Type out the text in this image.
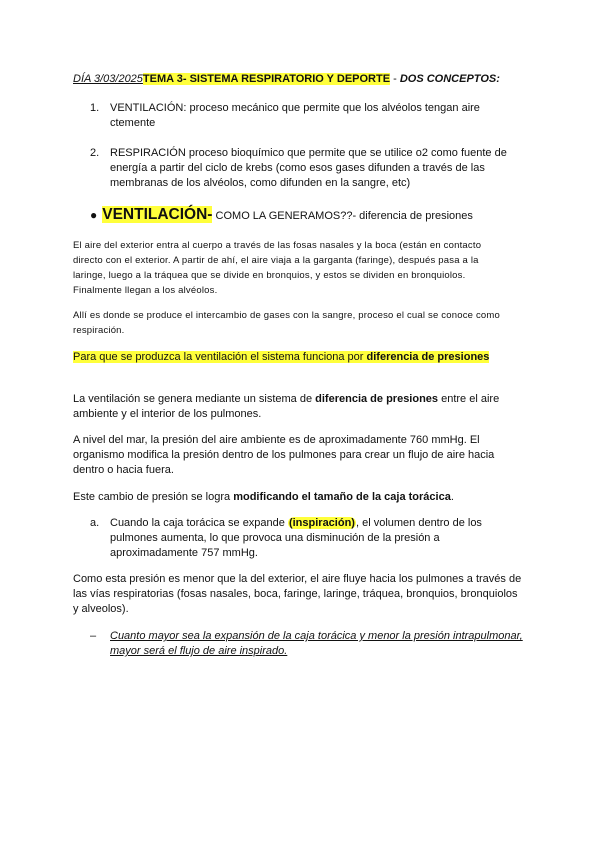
DÍA 3/03/2025TEMA 3- SISTEMA RESPIRATORIO Y DEPORTE - DOS CONCEPTOS:
1. VENTILACIÓN: proceso mecánico que permite que los alvéolos tengan aire
ctemente
2. RESPIRACIÓN proceso bioquímico que permite que se utilice o2 como fuente de
energía a partir del ciclo de krebs (como esos gases difunden a través de las
membranas de los alvéolos, como difunden en la sangre, etc)
● VENTILACIÓN- COMO LA GENERAMOS??- diferencia de presiones
El aire del exterior entra al cuerpo a través de las fosas nasales y la boca (están en contacto
directo con el exterior. A partir de ahí, el aire viaja a la garganta (faringe), después pasa a la
laringe, luego a la tráquea que se divide en bronquios, y estos se dividen en bronquiolos.
Finalmente llegan a los alvéolos.
Allí es donde se produce el intercambio de gases con la sangre, proceso el cual se conoce como
respiración.
Para que se produzca la ventilación el sistema funciona por diferencia de presiones
La ventilación se genera mediante un sistema de diferencia de presiones entre el aire
ambiente y el interior de los pulmones.
A nivel del mar, la presión del aire ambiente es de aproximadamente 760 mmHg. El
organismo modifica la presión dentro de los pulmones para crear un flujo de aire hacia
dentro o hacia fuera.
Este cambio de presión se logra modificando el tamaño de la caja torácica.
a. Cuando la caja torácica se expande (inspiración), el volumen dentro de los
pulmones aumenta, lo que provoca una disminución de la presión a
aproximadamente 757 mmHg.
Como esta presión es menor que la del exterior, el aire fluye hacia los pulmones a través de
las vías respiratorias (fosas nasales, boca, faringe, laringe, tráquea, bronquios, bronquiolos
y alveolos).
– Cuanto mayor sea la expansión de la caja torácica y menor la presión intrapulmonar,
mayor será el flujo de aire inspirado.
